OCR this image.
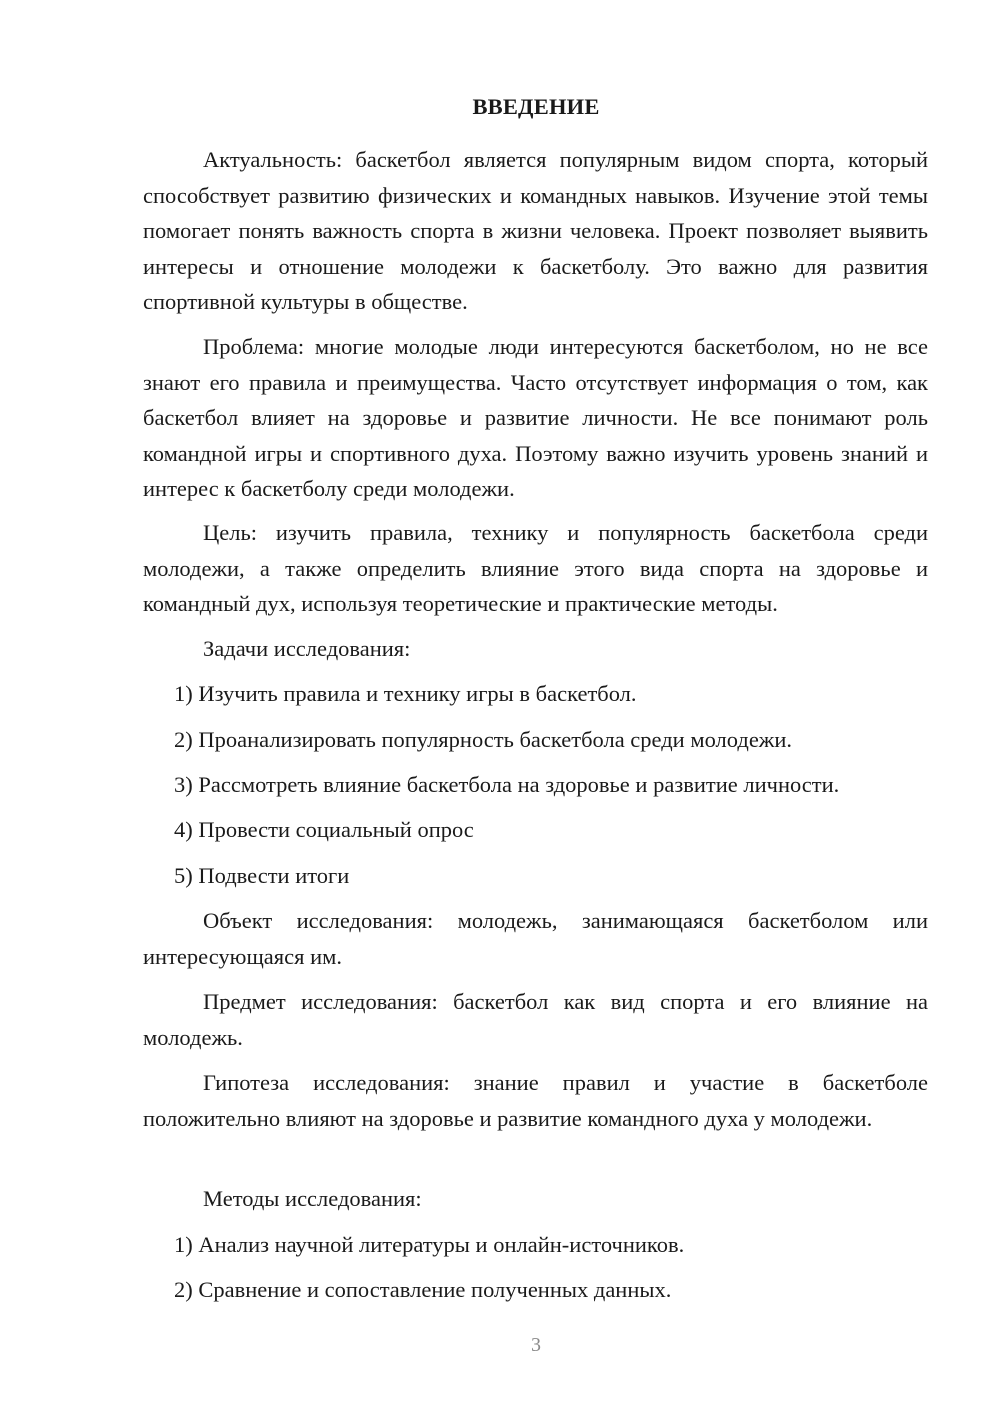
ВВЕДЕНИЕ
Актуальность: баскетбол является популярным видом спорта, который способствует развитию физических и командных навыков. Изучение этой темы помогает понять важность спорта в жизни человека. Проект позволяет выявить интересы и отношение молодежи к баскетболу. Это важно для развития спортивной культуры в обществе.
Проблема: многие молодые люди интересуются баскетболом, но не все знают его правила и преимущества. Часто отсутствует информация о том, как баскетбол влияет на здоровье и развитие личности. Не все понимают роль командной игры и спортивного духа. Поэтому важно изучить уровень знаний и интерес к баскетболу среди молодежи.
Цель: изучить правила, технику и популярность баскетбола среди молодежи, а также определить влияние этого вида спорта на здоровье и командный дух, используя теоретические и практические методы.
Задачи исследования:
1) Изучить правила и технику игры в баскетбол.
2) Проанализировать популярность баскетбола среди молодежи.
3) Рассмотреть влияние баскетбола на здоровье и развитие личности.
4) Провести социальный опрос
5) Подвести итоги
Объект исследования: молодежь, занимающаяся баскетболом или интересующаяся им.
Предмет исследования: баскетбол как вид спорта и его влияние на молодежь.
Гипотеза исследования: знание правил и участие в баскетболе положительно влияют на здоровье и развитие командного духа у молодежи.
Методы исследования:
1) Анализ научной литературы и онлайн-источников.
2) Сравнение и сопоставление полученных данных.
3
